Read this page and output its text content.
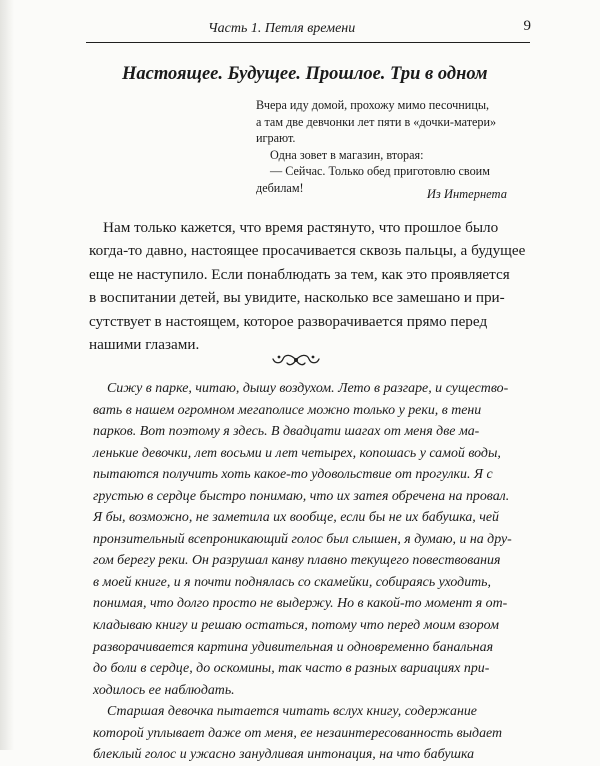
Часть 1. Петля времени	9
Настоящее. Будущее. Прошлое. Три в одном
Вчера иду домой, прохожу мимо песочницы,
а там две девчонки лет пяти в «дочки-матери»
играют.
Одна зовет в магазин, вторая:
— Сейчас. Только обед приготовлю своим
дебилам!	Из Интернета
Нам только кажется, что время растянуто, что прошлое было
когда-то давно, настоящее просачивается сквозь пальцы, а будущее
еще не наступило. Если понаблюдать за тем, как это проявляется
в воспитании детей, вы увидите, насколько все замешано и при-
сутствует в настоящем, которое разворачивается прямо перед
нашими глазами.
Сижу в парке, читаю, дышу воздухом. Лето в разгаре, и существо-
вать в нашем огромном мегаполисе можно только у реки, в тени
парков. Вот поэтому я здесь. В двадцати шагах от меня две ма-
ленькие девочки, лет восьми и лет четырех, копошась у самой воды,
пытаются получить хоть какое-то удовольствие от прогулки. Я с
грустью в сердце быстро понимаю, что их затея обречена на провал.
Я бы, возможно, не заметила их вообще, если бы не их бабушка, чей
пронзительный всепроникающий голос был слышен, я думаю, и на дру-
гом берегу реки. Он разрушал канву плавно текущего повествования
в моей книге, и я почти поднялась со скамейки, собираясь уходить,
понимая, что долго просто не выдержу. Но в какой-то момент я от-
кладываю книгу и решаю остаться, потому что перед моим взором
разворачивается картина удивительная и одновременно банальная
до боли в сердце, до оскомины, так часто в разных вариациях при-
ходилось ее наблюдать.
Старшая девочка пытается читать вслух книгу, содержание
которой уплывает даже от меня, ее незаинтересованность выдает
блеклый голос и ужасно занудливая интонация, на что бабушка
